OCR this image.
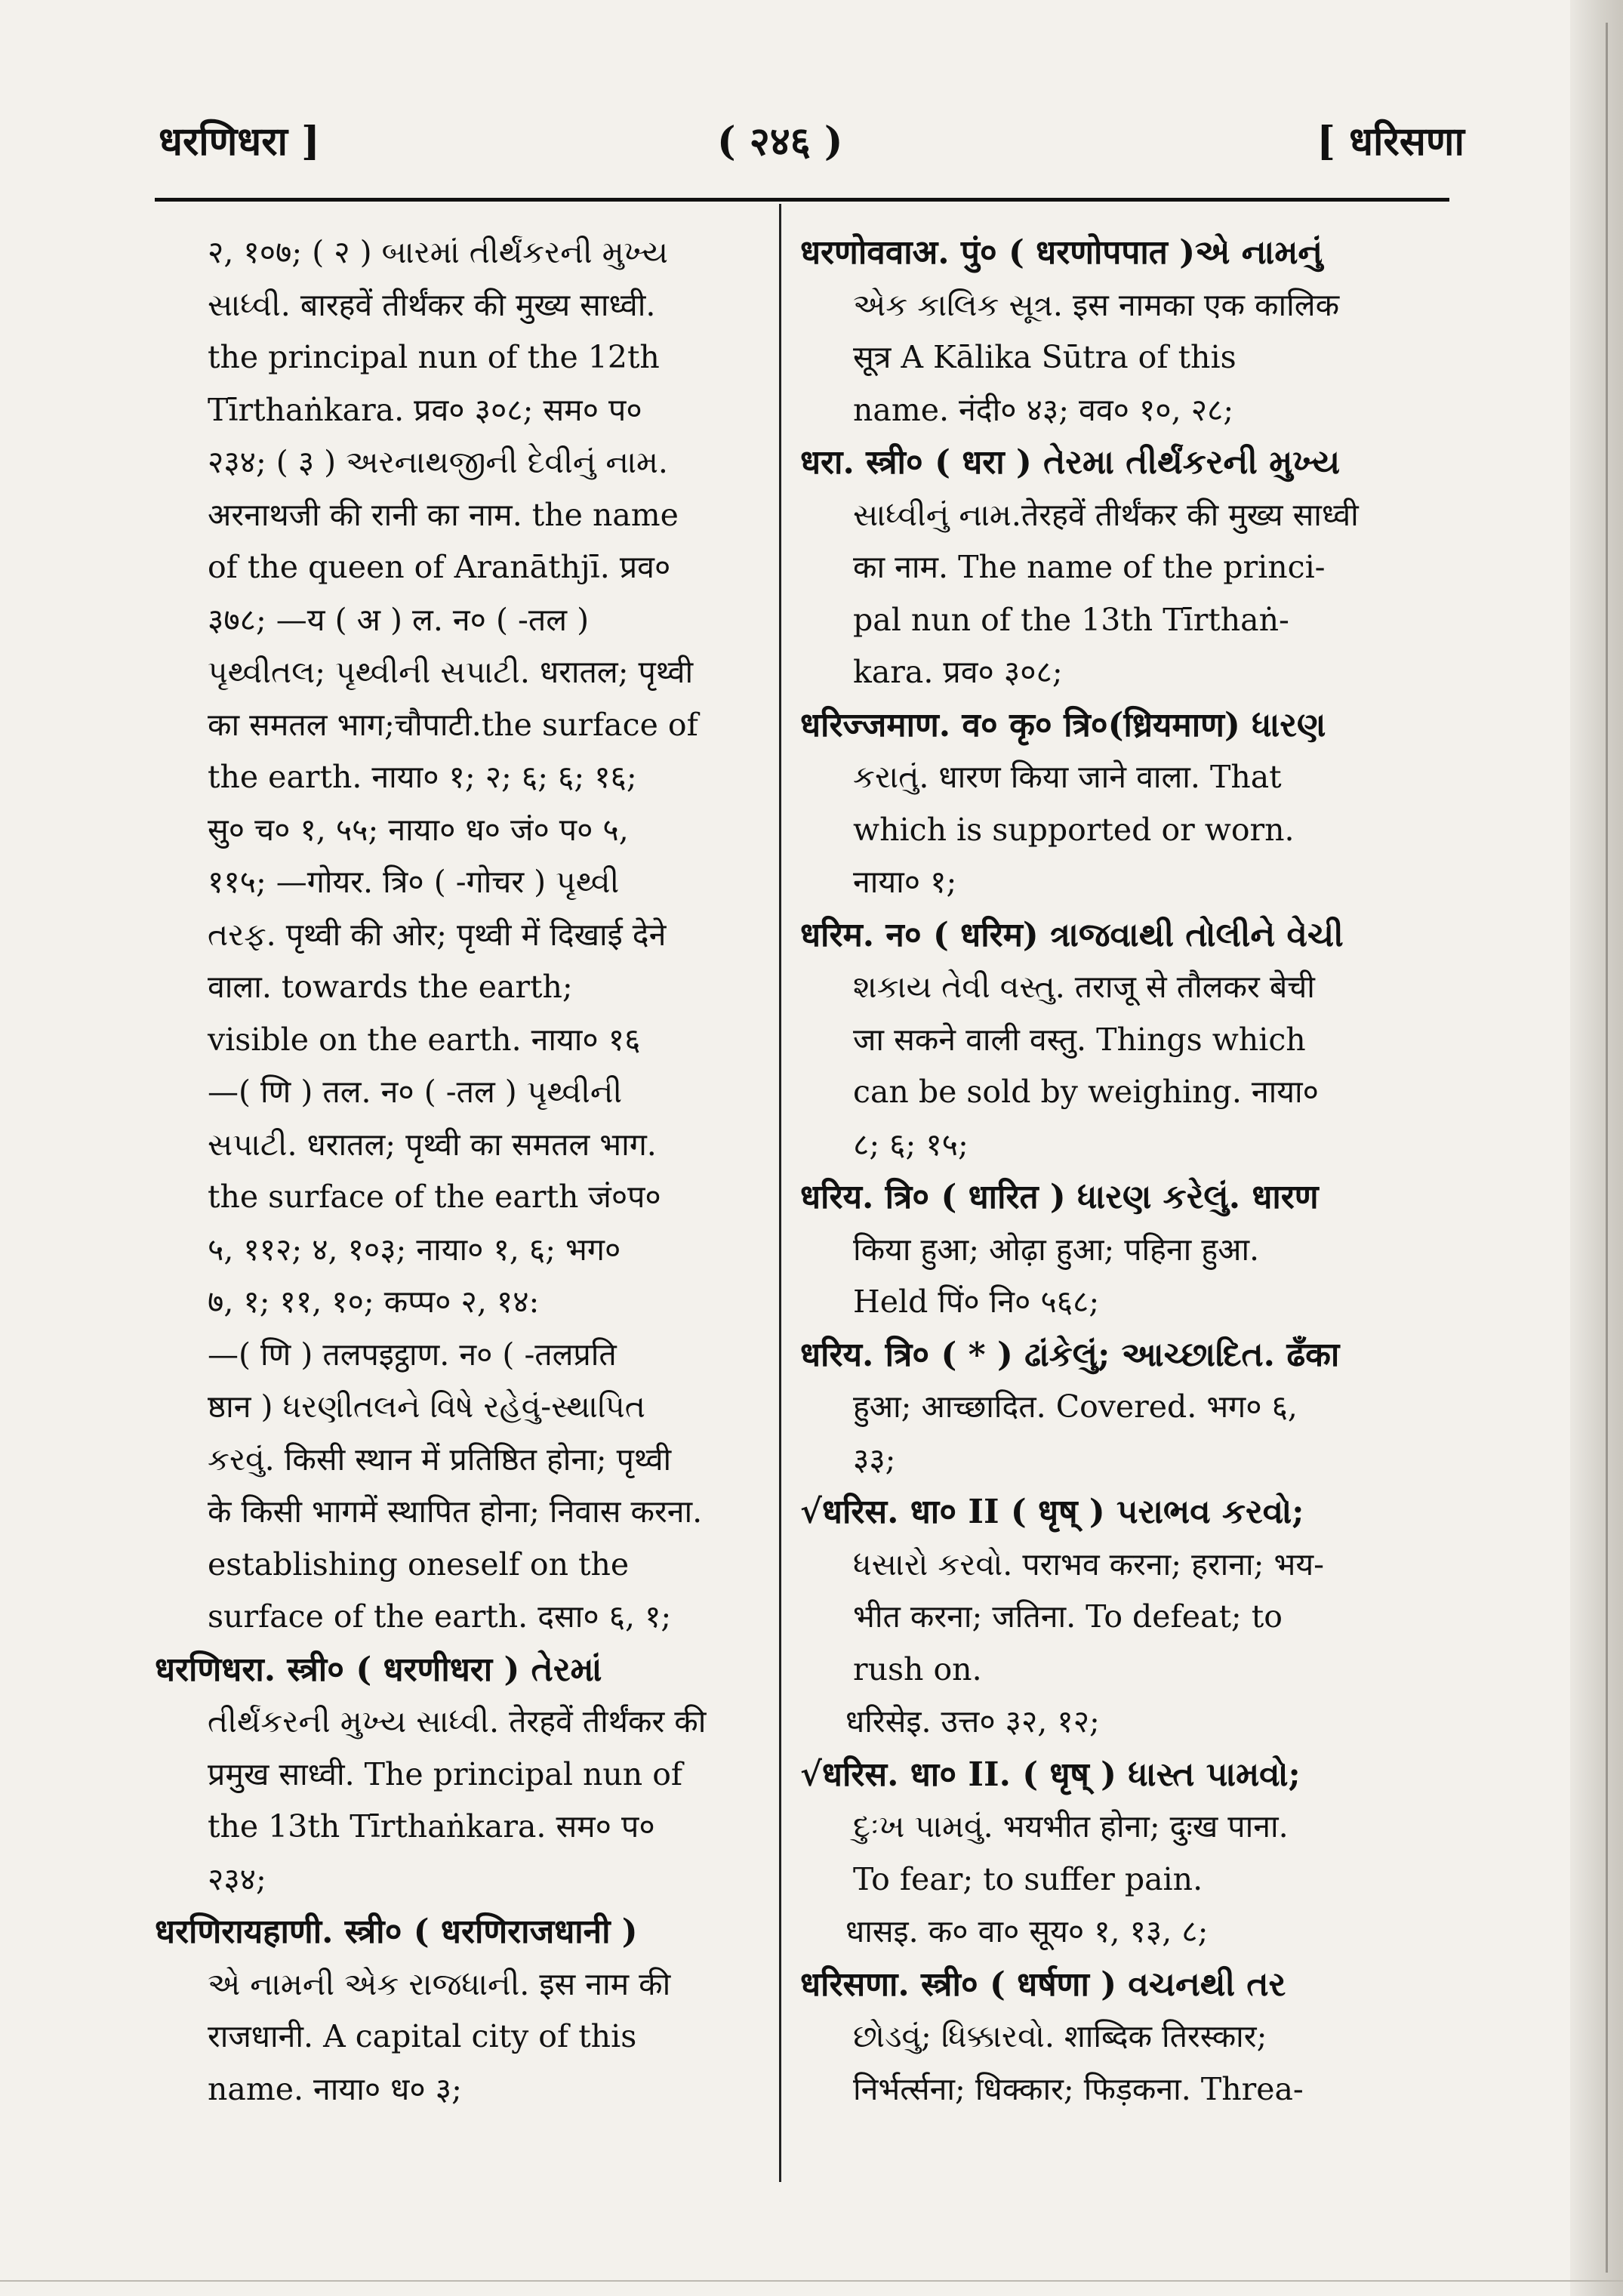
धरणिधरा ]	( २४६ )	[ धरिसणा
२, १०७; ( २ ) બારમાં તીર્થંકરની મુખ્ય
સાધ્વી. बारहवें तीर्थंकर की मुख्य साध्वी.
the principal nun of the 12th
Tīrthaṅkara. प्रव० ३०८; सम० प०
२३४; ( ३ ) અરનાથજીની દેવીનું નામ.
अरनाथजी की रानी का नाम. the name
of the queen of Aranāthjī. प्रव०
३७८; —य ( अ ) ल. न० ( -तल )
પૃથ્વીતલ; પૃથ્વીની સપાટી. धरातल; पृथ्वी
का समतल भाग;चौपाटी.the surface of
the earth. नाया० १; २; ६; ६; १६;
सु० च० १, ५५; नाया० ध० जं० प० ५,
११५; —गोयर. त्रि० ( -गोचर ) પૃથ્વી
તરફ. पृथ्वी की ओर; पृथ्वी में दिखाई देने
वाला. towards the earth;
visible on the earth. नाया० १६
—( णि ) तल. न० ( -तल ) પૃથ્વીની
સપાટી. धरातल; पृथ्वी का समतल भाग.
the surface of the earth जं०प०
५, ११२; ४, १०३; नाया० १, ६; भग०
७, १; ११, १०; कप्प० २, १४:
—( णि ) तलपइट्ठाण. न० ( -तलप्रति
ष्ठान ) ધરણીતલને વિષે રહેવું-સ્થાપિત
કરવું. किसी स्थान में प्रतिष्ठित होना; पृथ्वी
के किसी भागमें स्थापित होना; निवास करना.
establishing oneself on the
surface of the earth. दसा० ६, १;
धरणिधरा. स्त्री० ( धरणीधरा ) તેરમાં
તીર્થંકરની મુખ્ય સાધ્વી. तेरहवें तीर्थंकर की
प्रमुख साध्वी. The principal nun of
the 13th Tīrthaṅkara. सम० प०
२३४;
धरणिरायहाणी. स्त्री० ( धरणिराजधानी )
એ નામની એક રાજધાની. इस नाम की
राजधानी. A capital city of this
name. नाया० ध० ३;
धरणोववाअ. पुं० ( धरणोपपात )એ નામનું
એક કાલિક સૂત્ર. इस नामका एक कालिक
सूत्र A Kālika Sūtra of this
name. नंदी० ४३; वव० १०, २८;
धरा. स्त्री० ( धरा ) તેરમા તીર્થંકરની મુખ્ય
સાધ્વીનું નામ.तेरहवें तीर्थंकर की मुख्य साध्वी
का नाम. The name of the princi-
pal nun of the 13th Tīrthaṅ-
kara. प्रव० ३०८;
धरिज्जमाण. व० कृ० त्रि०(ध्रियमाण) ધારણ
કરાતું. धारण किया जाने वाला. That
which is supported or worn.
नाया० १;
धरिम. न० ( धरिम) ત્રાજવાથી તોલીને વેચી
શકાય તેવી વસ્તુ. तराजू से तौलकर बेची
जा सकने वाली वस्तु. Things which
can be sold by weighing. नाया०
८; ६; १५;
धरिय. त्रि० ( धारित ) ધારણ કરેલું. धारण
किया हुआ; ओढ़ा हुआ; पहिना हुआ.
Held पिं० नि० ५६८;
धरिय. त्रि० ( * ) ઢાંકેલું; આચ્છાદિત. ढँका
हुआ; आच्छादित. Covered. भग० ६,
३३;
√धरिस. धा० II ( धृष् ) પરાભવ કરવો;
ધસારો કરવો. पराभव करना; हराना; भय-
भीत करना; जतिना. To defeat; to
rush on.
धरिसेइ. उत्त० ३२, १२;
√धरिस. धा० II. ( धृष् ) ધાસ્ત પામવો;
દુઃખ પામવું. भयभीत होना; दुःख पाना.
To fear; to suffer pain.
धासइ. क० वा० सूय० १, १३, ८;
धरिसणा. स्त्री० ( धर्षणा ) વચનથી તર
છોડવું; ધિક્કારવો. शाब्दिक तिरस्कार;
निर्भर्त्सना; धिक्कार; फिड़कना. Threa-
